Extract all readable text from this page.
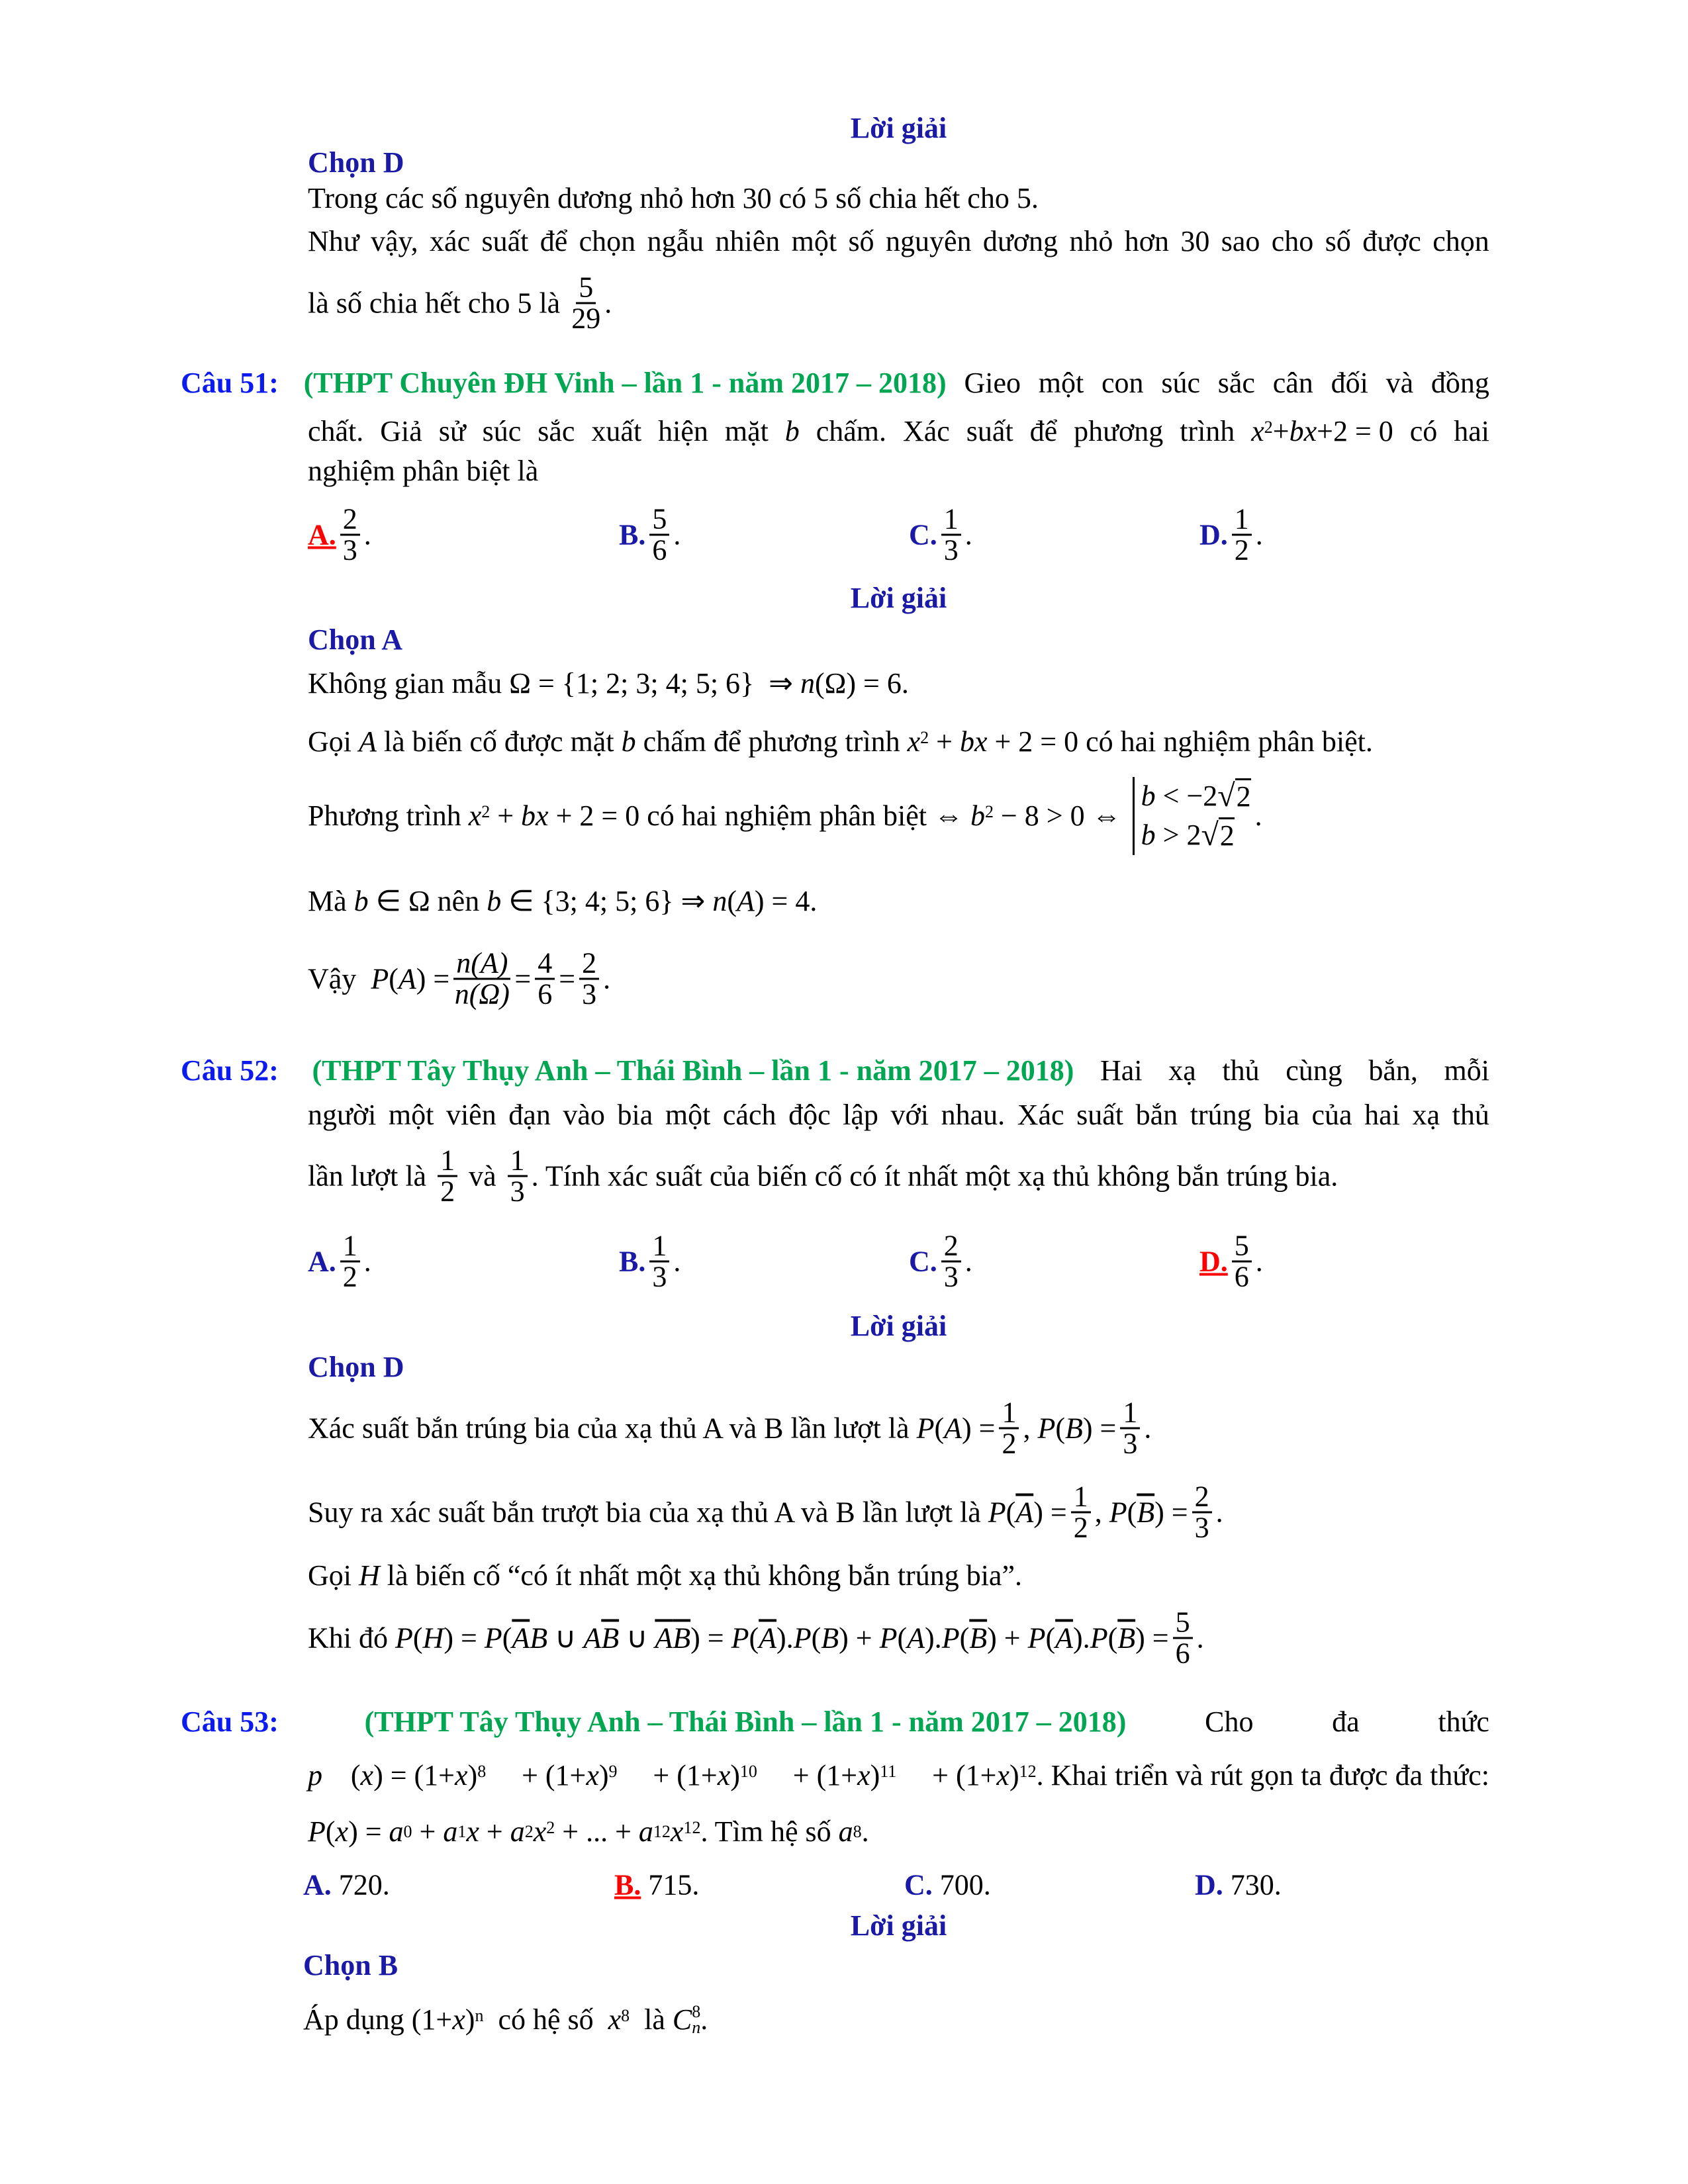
Lời giải
Chọn D
Trong các số nguyên dương nhỏ hơn 30 có 5 số chia hết cho 5.
Như vậy, xác suất để chọn ngẫu nhiên một số nguyên dương nhỏ hơn 30 sao cho số được chọn
là số chia hết cho 5 là $\frac{5}{29}$ .
Câu 51: (THPT Chuyên ĐH Vinh – lần 1 - năm 2017 – 2018) Gieo một con súc sắc cân đối và đồng
chất. Giả sử súc sắc xuất hiện mặt b chấm. Xác suất để phương trình x 2 + bx +2 = 0 có hai
nghiệm phân biệt là
A. $\frac{2}{3}$ .	B. $\frac{5}{6}$ .	C. $\frac{1}{3}$ .	D. $\frac{1}{2}$ .
Lời giải
Chọn A
Không gian mẫu Ω = {1; 2; 3; 4; 5; 6}  ⇒ n (Ω) = 6.
Gọi A là biến cố được mặt b chấm để phương trình x 2 + bx + 2 = 0 có hai nghiệm phân biệt.
Phương trình x 2 + bx + 2 = 0 có hai nghiệm phân biệt ⇔ b 2 − 8 > 0 ⇔
b < −2 √2
b > 2 √2
.
Mà b ∈ Ω nên b ∈ {3; 4; 5; 6} ⇒ n ( A ) = 4.
Vậy P ( A ) = $\frac{n(A)}{n(\Omega)} = \frac{4}{6} = \frac{2}{3}$ .
Câu 52: (THPT Tây Thụy Anh – Thái Bình – lần 1 - năm 2017 – 2018) Hai xạ thủ cùng bắn, mỗi
người một viên đạn vào bia một cách độc lập với nhau. Xác suất bắn trúng bia của hai xạ thủ
lần lượt là $\frac{1}{2}$ và $\frac{1}{3}$ . Tính xác suất của biến cố có ít nhất một xạ thủ không bắn trúng bia.
A. $\frac{1}{2}$ .	B. $\frac{1}{3}$ .	C. $\frac{2}{3}$ .	D. $\frac{5}{6}$ .
Lời giải
Chọn D
Xác suất bắn trúng bia của xạ thủ A và B lần lượt là P ( A ) = $\frac{1}{2}$ , P ( B ) = $\frac{1}{3}$ .
Suy ra xác suất bắn trượt bia của xạ thủ A và B lần lượt là P ( $\overline{A}$ ) = $\frac{1}{2}$ , P ( $\overline{B}$ ) = $\frac{2}{3}$ .
Gọi H là biến cố “có ít nhất một xạ thủ không bắn trúng bia”.
Khi đó P ( H ) = P ( $\overline{A}$ B ∪ A $\overline{B}$ ∪ $\overline{A}$ $\overline{B}$ ) = P ( $\overline{A}$ ). P ( B ) + P ( A ). P ( $\overline{B}$ ) + P ( $\overline{A}$ ). P ( $\overline{B}$ ) = $\frac{5}{6}$ .
Câu 53:	(THPT Tây Thụy Anh – Thái Bình – lần 1 - năm 2017 – 2018)	Cho	đa	thức
p ( x ) = (1+ x ) 8 + (1+ x ) 9 + (1+ x ) 10 + (1+ x ) 11 + (1+ x ) 12 . Khai triển và rút gọn ta được đa thức:
P ( x ) = a 0 + a 1 x + a 2 x 2 + ... + a 12 x 12 . Tìm hệ số a 8 .
A. 720.	B. 715.	C. 700.	D. 730.
Lời giải
Chọn B
Áp dụng (1+ x ) n có hệ số x 8 là C 8
n .
